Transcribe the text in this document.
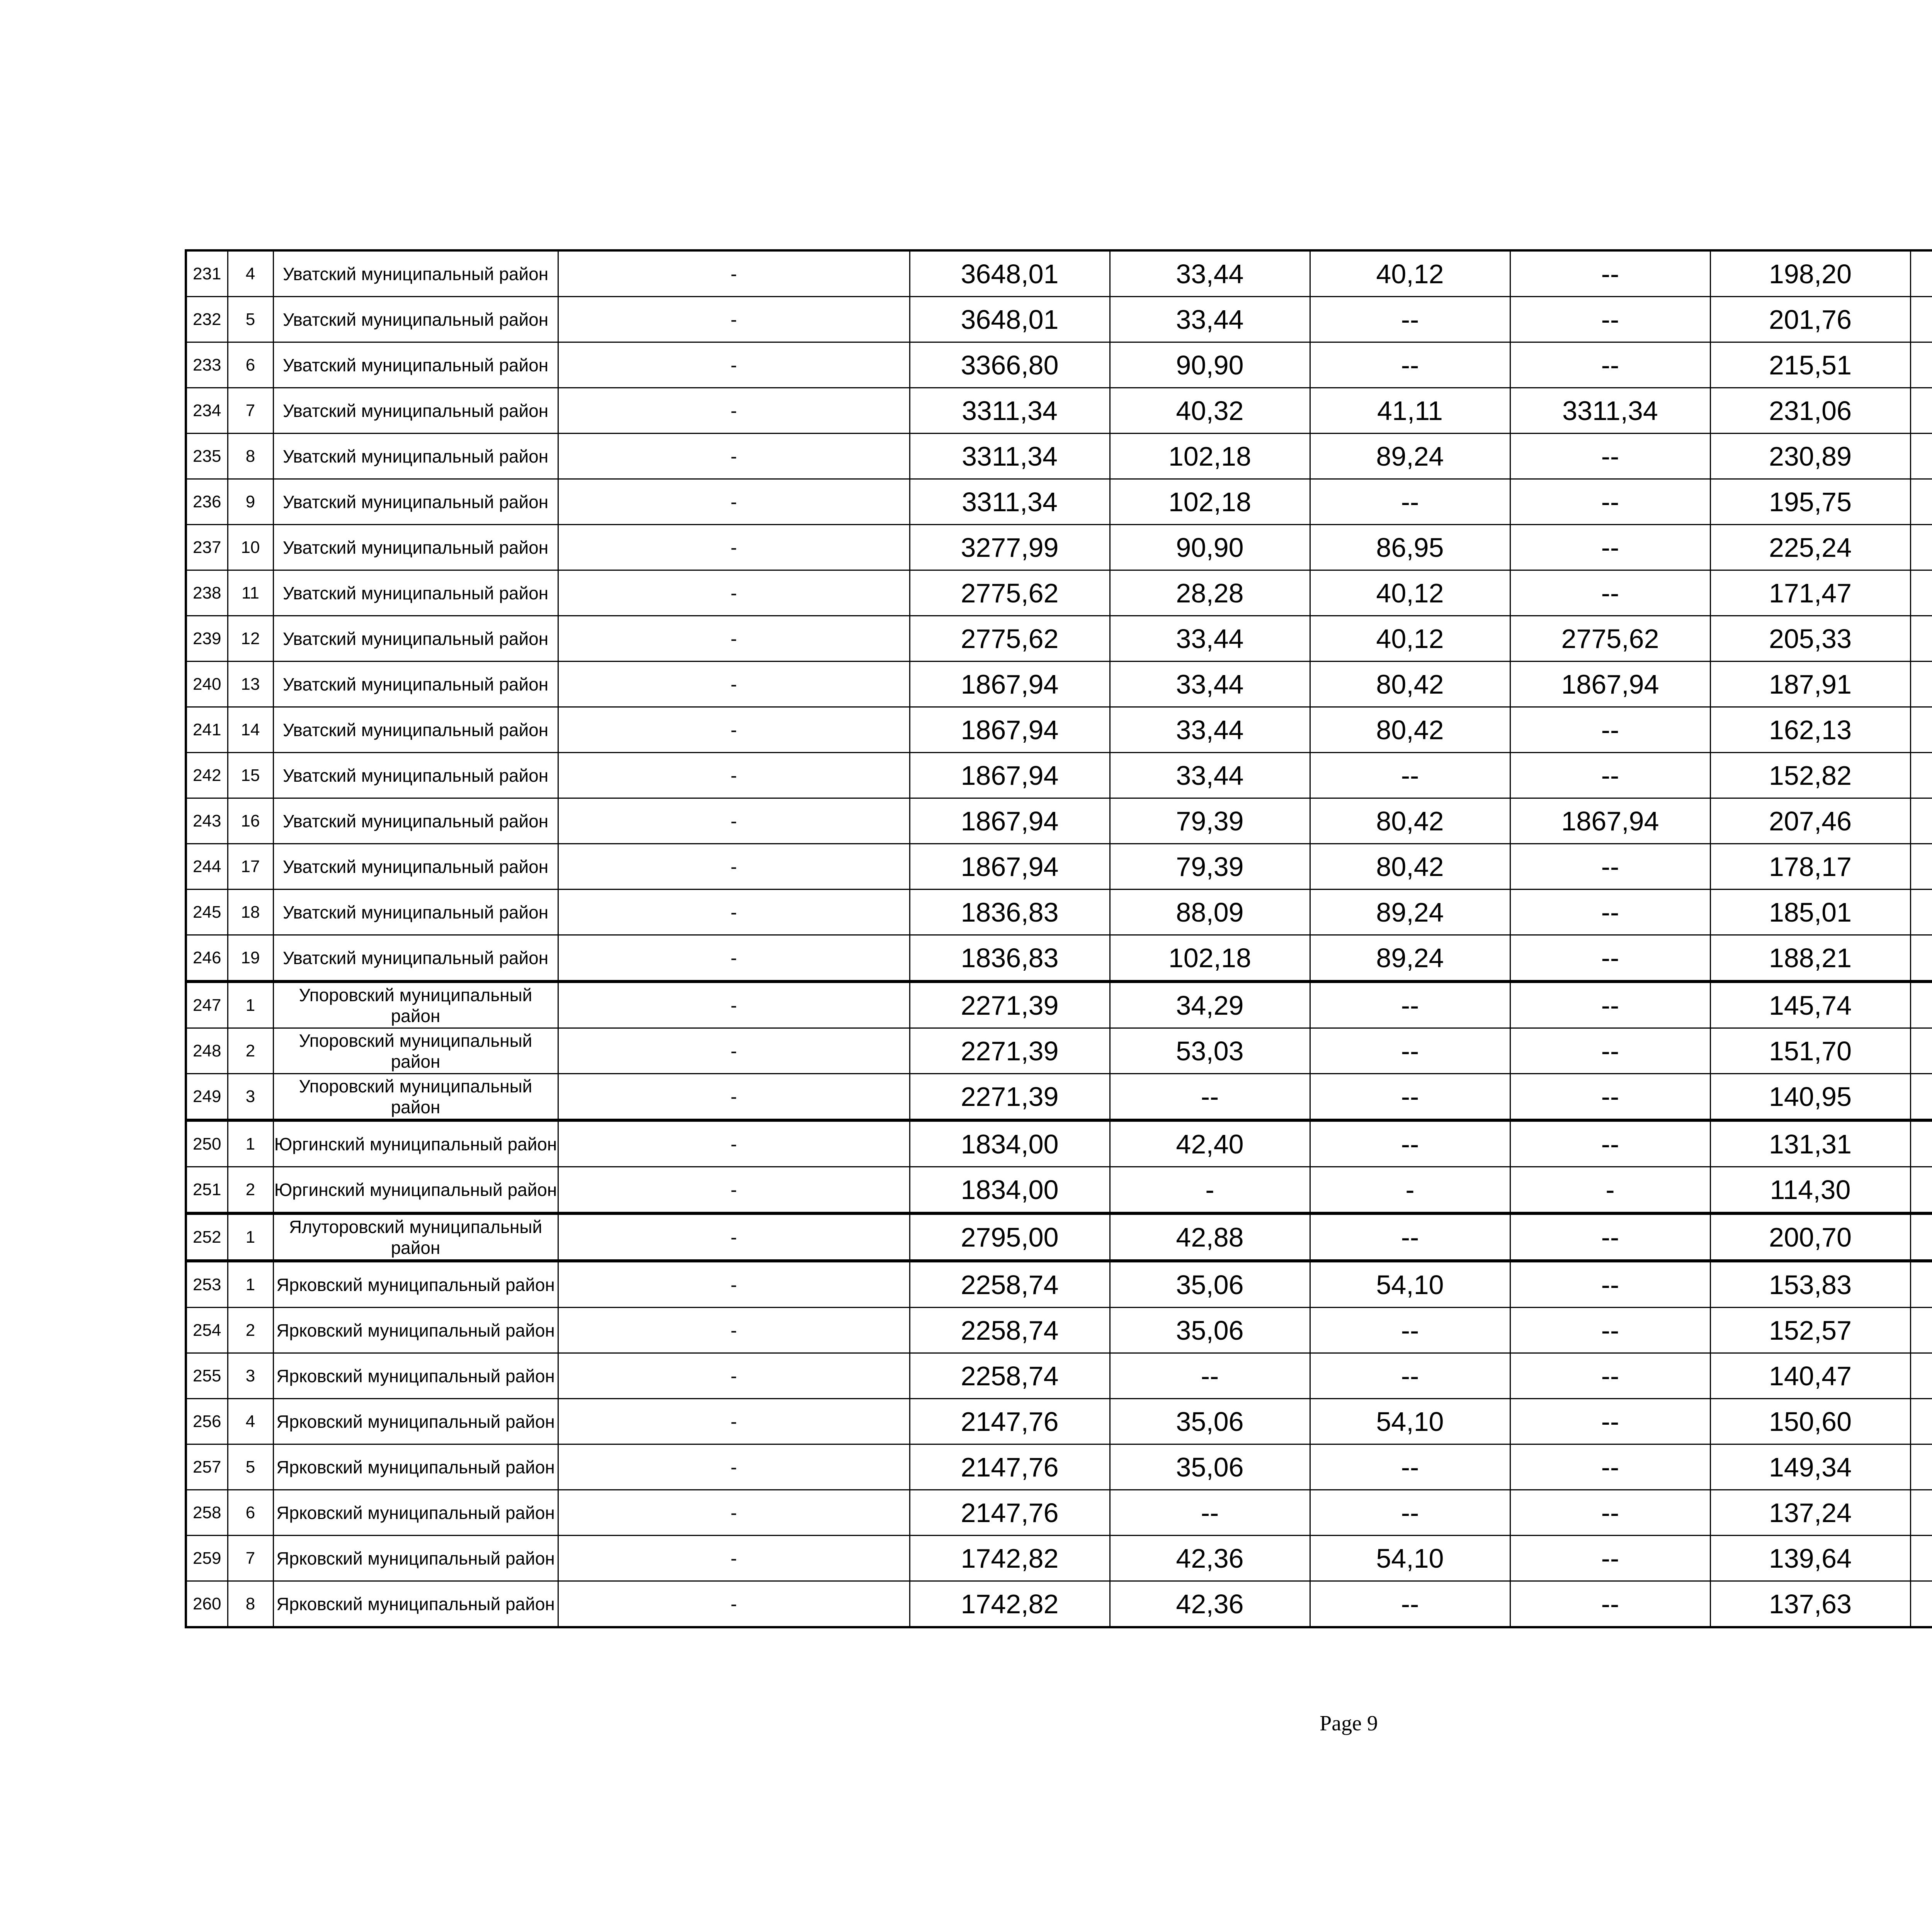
231	4	Уватский муниципальный район	-	3648,01	33,44	40,12	--	198,20			
232	5	Уватский муниципальный район	-	3648,01	33,44	--	--	201,76			
233	6	Уватский муниципальный район	-	3366,80	90,90	--	--	215,51			
234	7	Уватский муниципальный район	-	3311,34	40,32	41,11	3311,34	231,06			
235	8	Уватский муниципальный район	-	3311,34	102,18	89,24	--	230,89			
236	9	Уватский муниципальный район	-	3311,34	102,18	--	--	195,75			
237	10	Уватский муниципальный район	-	3277,99	90,90	86,95	--	225,24			
238	11	Уватский муниципальный район	-	2775,62	28,28	40,12	--	171,47			
239	12	Уватский муниципальный район	-	2775,62	33,44	40,12	2775,62	205,33			
240	13	Уватский муниципальный район	-	1867,94	33,44	80,42	1867,94	187,91			
241	14	Уватский муниципальный район	-	1867,94	33,44	80,42	--	162,13			
242	15	Уватский муниципальный район	-	1867,94	33,44	--	--	152,82			
243	16	Уватский муниципальный район	-	1867,94	79,39	80,42	1867,94	207,46			
244	17	Уватский муниципальный район	-	1867,94	79,39	80,42	--	178,17			
245	18	Уватский муниципальный район	-	1836,83	88,09	89,24	--	185,01			
246	19	Уватский муниципальный район	-	1836,83	102,18	89,24	--	188,21			
247	1	Упоровский муниципальный район	-	2271,39	34,29	--	--	145,74			
248	2	Упоровский муниципальный район	-	2271,39	53,03	--	--	151,70			
249	3	Упоровский муниципальный район	-	2271,39	--	--	--	140,95			
250	1	Юргинский муниципальный район	-	1834,00	42,40	--	--	131,31			
251	2	Юргинский муниципальный район	-	1834,00	-	-	-	114,30			
252	1	Ялуторовский муниципальный район	-	2795,00	42,88	--	--	200,70			
253	1	Ярковский муниципальный район	-	2258,74	35,06	54,10	--	153,83			
254	2	Ярковский муниципальный район	-	2258,74	35,06	--	--	152,57			
255	3	Ярковский муниципальный район	-	2258,74	--	--	--	140,47			
256	4	Ярковский муниципальный район	-	2147,76	35,06	54,10	--	150,60			
257	5	Ярковский муниципальный район	-	2147,76	35,06	--	--	149,34			
258	6	Ярковский муниципальный район	-	2147,76	--	--	--	137,24			
259	7	Ярковский муниципальный район	-	1742,82	42,36	54,10	--	139,64			
260	8	Ярковский муниципальный район	-	1742,82	42,36	--	--	137,63			
Page 9
